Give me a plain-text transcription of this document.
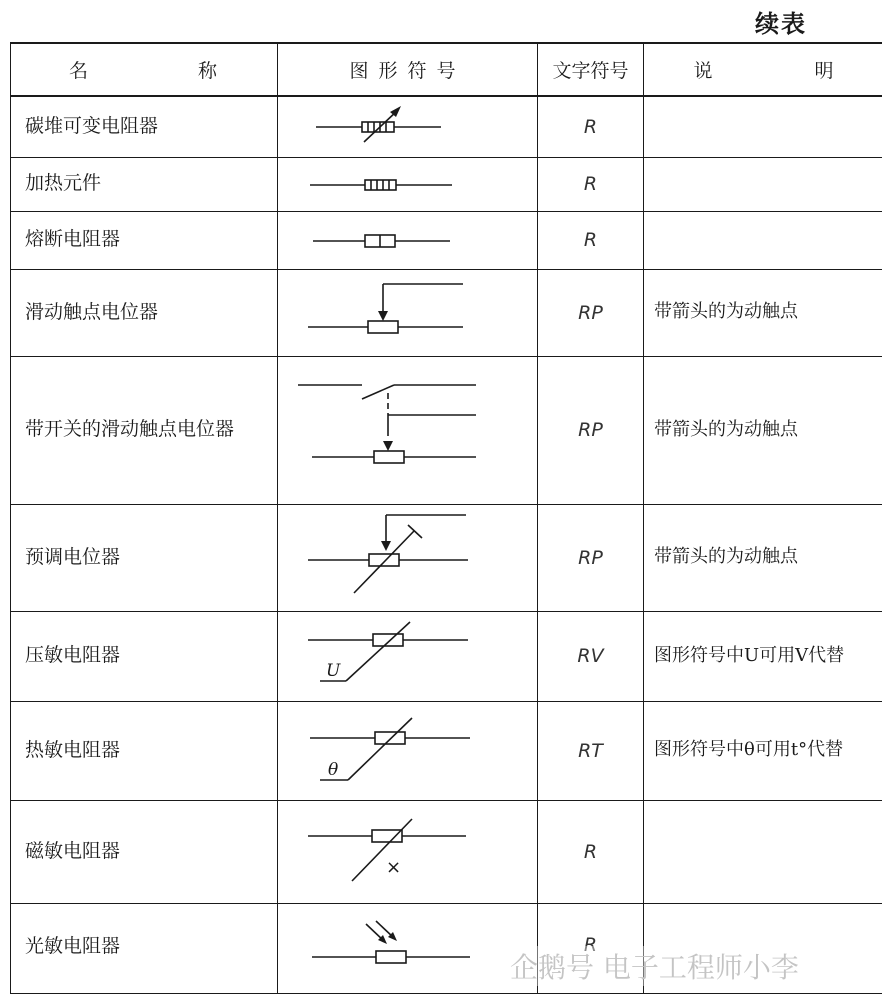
续表
名 称	图形符号	文字符号	说 明
碳堆可变电阻器		R	
加热元件		R	
熔断电阻器		R	
滑动触点电位器		RP	带箭头的为动触点
带开关的滑动触点电位器		RP	带箭头的为动触点
预调电位器		RP	带箭头的为动触点
压敏电阻器	U	RV	图形符号中U可用V代替
热敏电阻器	θ	RT	图形符号中θ可用t°代替
磁敏电阻器	×	R	
光敏电阻器		R	
企鹅号 电子工程师小李
